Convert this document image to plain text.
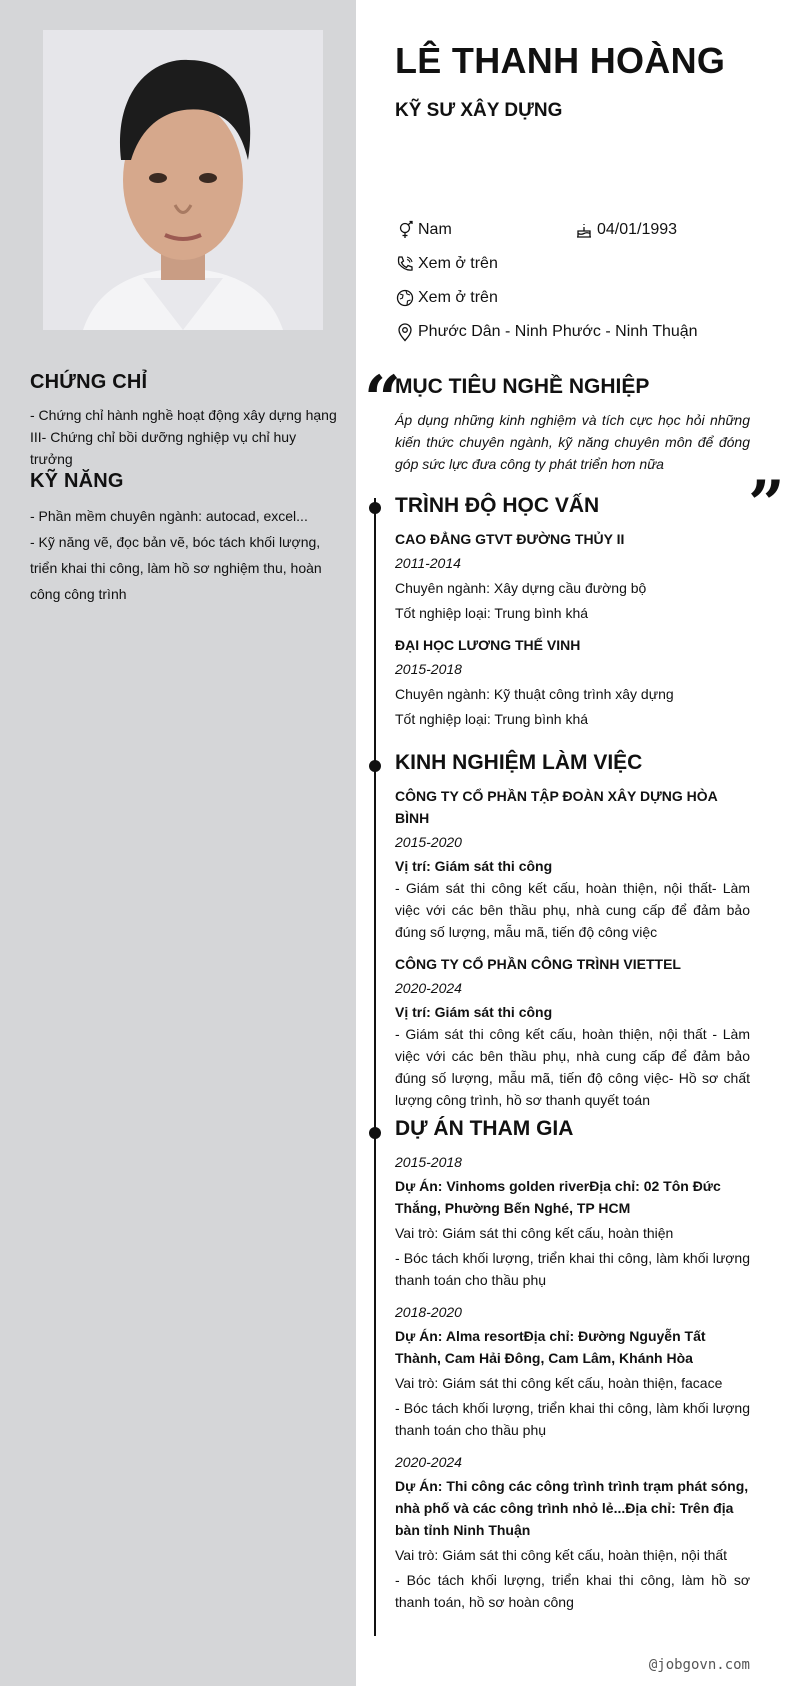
CHỨNG CHỈ
- Chứng chỉ hành nghề hoạt động xây dựng hạng
III- Chứng chỉ bồi dưỡng nghiệp vụ chỉ huy trưởng
KỸ NĂNG
- Phần mềm chuyên ngành: autocad, excel...
- Kỹ năng vẽ, đọc bản vẽ, bóc tách khối lượng,
triển khai thi công, làm hồ sơ nghiệm thu, hoàn
công công trình
LÊ THANH HOÀNG
KỸ SƯ XÂY DỰNG
Nam	04/01/1993
Xem ở trên
Xem ở trên
Phước Dân - Ninh Phước - Ninh Thuận
“
”
MỤC TIÊU NGHỀ NGHIỆP
Áp dụng những kinh nghiệm và tích cực học hỏi những kiến thức chuyên ngành, kỹ năng chuyên môn để đóng góp sức lực đưa công ty phát triển hơn nữa
TRÌNH ĐỘ HỌC VẤN
CAO ĐẲNG GTVT ĐƯỜNG THỦY II
2011-2014
Chuyên ngành: Xây dựng cầu đường bộ
Tốt nghiệp loại: Trung bình khá
ĐẠI HỌC LƯƠNG THẾ VINH
2015-2018
Chuyên ngành: Kỹ thuật công trình xây dựng
Tốt nghiệp loại: Trung bình khá
KINH NGHIỆM LÀM VIỆC
CÔNG TY CỔ PHẦN TẬP ĐOÀN XÂY DỰNG HÒA BÌNH
2015-2020
Vị trí: Giám sát thi công
- Giám sát thi công kết cấu, hoàn thiện, nội thất- Làm việc với các bên thầu phụ, nhà cung cấp để đảm bảo đúng số lượng, mẫu mã, tiến độ công việc
CÔNG TY CỔ PHẦN CÔNG TRÌNH VIETTEL
2020-2024
Vị trí: Giám sát thi công
- Giám sát thi công kết cấu, hoàn thiện, nội thất - Làm việc với các bên thầu phụ, nhà cung cấp để đảm bảo đúng số lượng, mẫu mã, tiến độ công việc- Hồ sơ chất lượng công trình, hồ sơ thanh quyết toán
DỰ ÁN THAM GIA
2015-2018
Dự Án: Vinhoms golden riverĐịa chỉ: 02 Tôn Đức Thắng, Phường Bến Nghé, TP HCM
Vai trò: Giám sát thi công kết cấu, hoàn thiện
- Bóc tách khối lượng, triển khai thi công, làm khối lượng thanh toán cho thầu phụ
2018-2020
Dự Án: Alma resortĐịa chỉ: Đường Nguyễn Tất Thành, Cam Hải Đông, Cam Lâm, Khánh Hòa
Vai trò: Giám sát thi công kết cấu, hoàn thiện, facace
- Bóc tách khối lượng, triển khai thi công, làm khối lượng thanh toán cho thầu phụ
2020-2024
Dự Án: Thi công các công trình trình trạm phát sóng, nhà phố và các công trình nhỏ lẻ...Địa chỉ: Trên địa bàn tỉnh Ninh Thuận
Vai trò: Giám sát thi công kết cấu, hoàn thiện, nội thất
- Bóc tách khối lượng, triển khai thi công, làm hồ sơ thanh toán, hồ sơ hoàn công
@jobgovn.com
